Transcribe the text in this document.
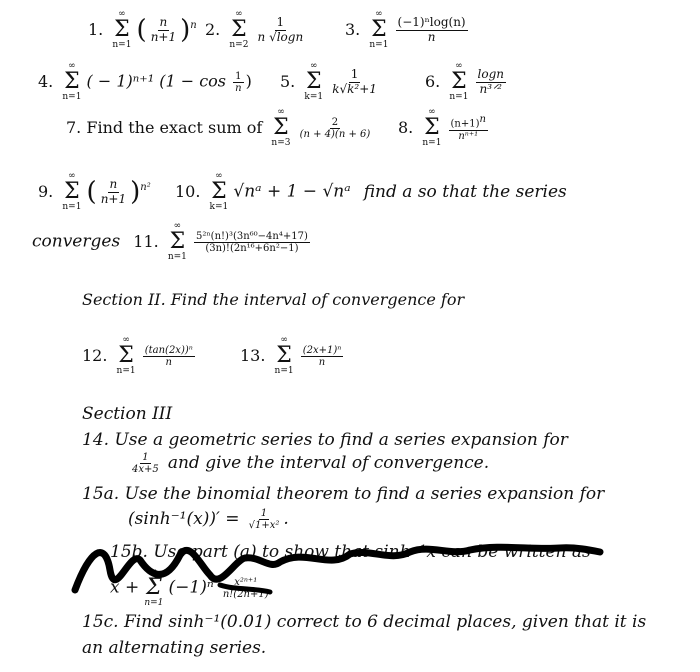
1.
∞
Σ
n=1 ( $\frac{n}{n+1} )^n$ 2.
∞
Σ
n=2

$\frac{1}{n √\log n} 3$.
∞
Σ
n=1

$\frac{\text{(−1)ⁿlog(n)}}{n}$
4.
∞
Σ
n=1
( − 1)ⁿ⁺¹ ($1 - \cos \frac{1}{n}$ ) 5.
∞
Σ
k=1

$\frac{1}{\text{k√k²+1}}$	6.
∞
Σ
n=1

$\frac{\log n}{\text{n³ᐟ²}}$
7. Find the exact sum of
∞
Σ
n=3

$\frac{2}{(n + 4)(n + 6)} 8$.
∞
Σ
n=1

$\frac{(n+1)^n}{\text{nⁿ⁺¹}}$
9.
∞
Σ
n=1 ( $\frac{n}{n+1} )^{n^2}$ 10.
∞
Σ
k=1
√nᵃ + 1 − √nᵃ find a so that the series
converges 11.
∞
Σ
n=1

$\frac{\text{5²ⁿ(n!)³(3n⁶⁰−4n⁴+17)}}{\text{(3n)!(2n¹⁶+6n²−1)}}$
Section II. Find the interval of convergence for
12.
∞
Σ
n=1

$\frac{\text{(tan(2x))ⁿ}}{n}$	13.
∞
Σ
n=1

$\frac{\text{(2x+1)ⁿ}}{n}$
Section III
14. Use a geometric series to find a series expansion for
$\frac{1}{4x+5}$ and give the interval of convergence.
15a. Use the binomial theorem to find a series expansion for
$(\sinh^{-1}(x))' = \frac{1}{\text{√1+x²}}$ .
15b. Use part (a) to show that sinh⁻¹x can be written as
x +
∞
Σ
n=1
$(-1)^n \frac{\text{x²ⁿ⁺¹}}{n!(2n+1)}$
15c. Find sinh⁻¹(0.01) correct to 6 decimal places, given that it is
an alternating series.
